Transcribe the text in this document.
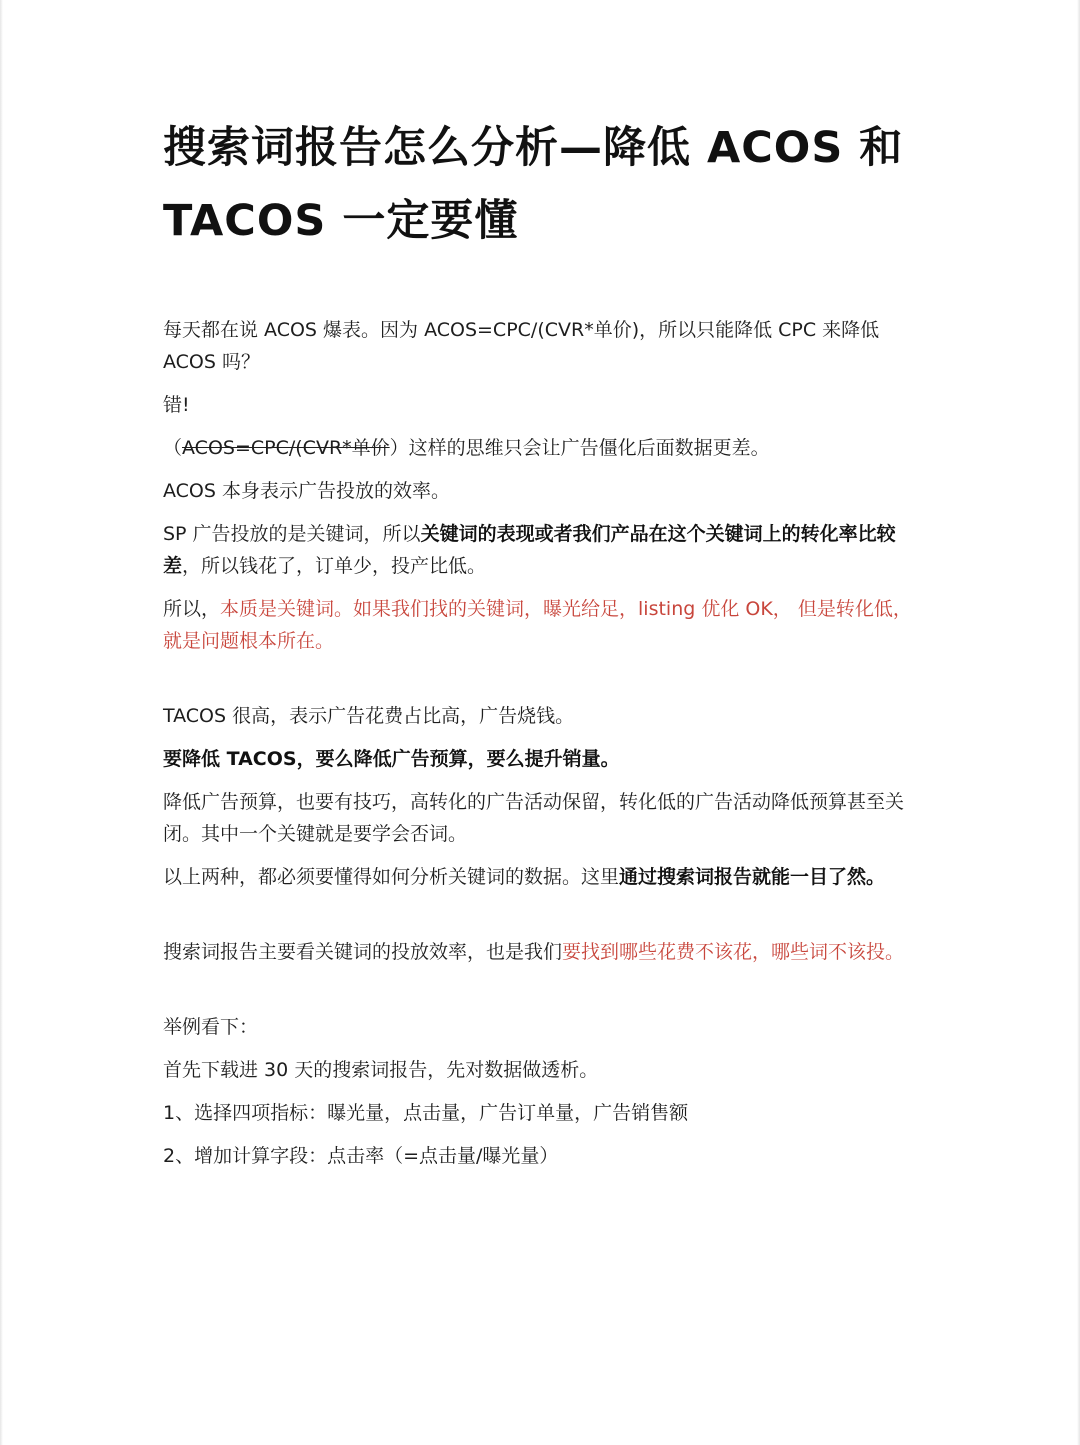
搜索词报告怎么分析—降低 ACOS 和 TACOS 一定要懂

每天都在说 ACOS 爆表。因为 ACOS=CPC/(CVR*单价)，所以只能降低 CPC 来降低 ACOS 吗？

错!

（ACOS=CPC/(CVR*单价）这样的思维只会让广告僵化后面数据更差。

ACOS 本身表示广告投放的效率。

SP 广告投放的是关键词，所以关键词的表现或者我们产品在这个关键词上的转化率比较差，所以钱花了，订单少，投产比低。

所以，本质是关键词。如果我们找的关键词，曝光给足，listing 优化 OK， 但是转化低，就是问题根本所在。

TACOS 很高，表示广告花费占比高，广告烧钱。

要降低 TACOS，要么降低广告预算，要么提升销量。

降低广告预算，也要有技巧，高转化的广告活动保留，转化低的广告活动降低预算甚至关闭。其中一个关键就是要学会否词。

以上两种，都必须要懂得如何分析关键词的数据。这里通过搜索词报告就能一目了然。

搜索词报告主要看关键词的投放效率，也是我们要找到哪些花费不该花，哪些词不该投。

举例看下：

首先下载进 30 天的搜索词报告，先对数据做透析。

1、选择四项指标：曝光量，点击量，广告订单量，广告销售额

2、增加计算字段：点击率（=点击量/曝光量）
